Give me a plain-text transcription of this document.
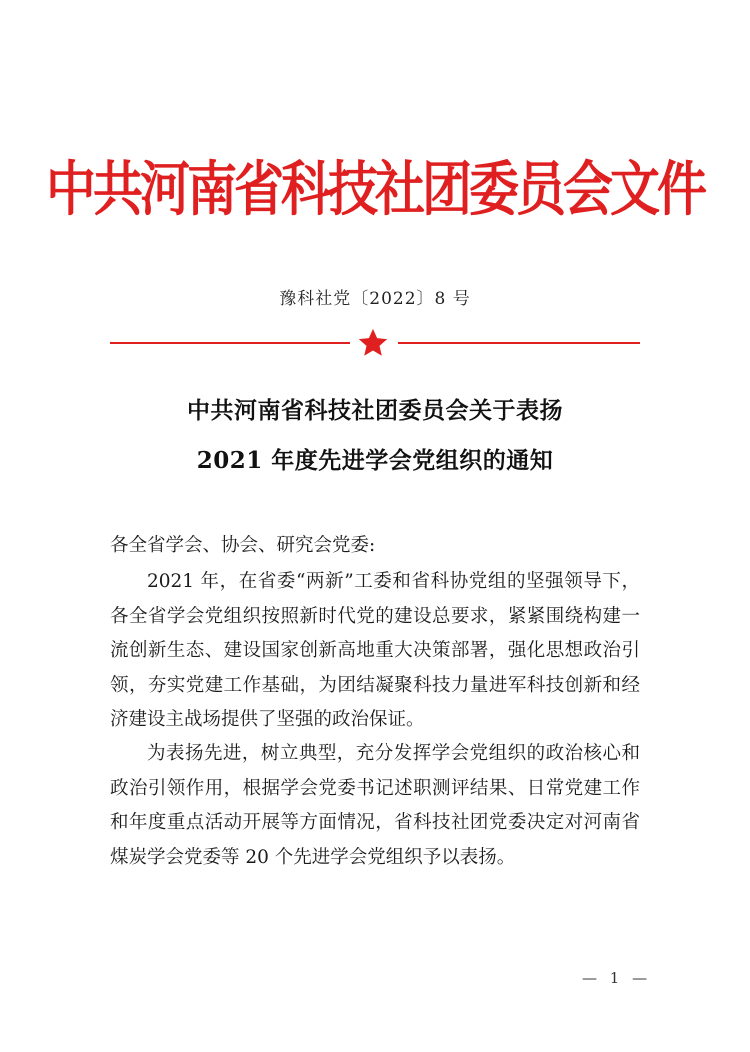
中共河南省科技社团委员会文件
豫科社党〔2022〕8 号
中共河南省科技社团委员会关于表扬
2021 年度先进学会党组织的通知
各全省学会、协会、研究会党委:

2021 年，在省委“两新”工委和省科协党组的坚强领导下，各全省学会党组织按照新时代党的建设总要求，紧紧围绕构建一流创新生态、建设国家创新高地重大决策部署，强化思想政治引领，夯实党建工作基础，为团结凝聚科技力量进军科技创新和经济建设主战场提供了坚强的政治保证。

为表扬先进，树立典型，充分发挥学会党组织的政治核心和政治引领作用，根据学会党委书记述职测评结果、日常党建工作和年度重点活动开展等方面情况，省科技社团党委决定对河南省煤炭学会党委等 20 个先进学会党组织予以表扬。

— 1 —
